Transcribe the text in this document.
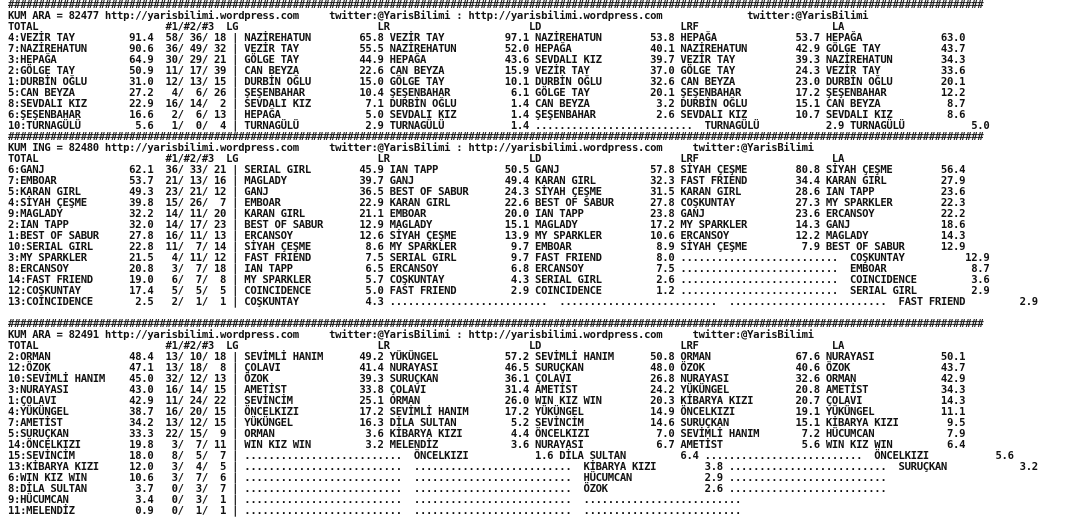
#################################################################################################################################################################
KUM ARA = 82477 http://yarisbilimi.wordpress.com     twitter:@YarisBilimi : http://yarisbilimi.wordpress.com              twitter:@YarisBilimi
TOTAL                     #1/#2/#3  LG                       LR                       LD                       LRF                      LA
4:VEZİR TAY         91.4  58/ 36/ 18 | NAZİREHATUN        65.8 VEZİR TAY          97.1 NAZİREHATUN        53.8 HEPAĞA             53.7 HEPAĞA             63.0
7:NAZİREHATUN       90.6  36/ 49/ 32 | VEZİR TAY          55.5 NAZİREHATUN        52.0 HEPAĞA             40.1 NAZİREHATUN        42.9 GÖLGE TAY          43.7
3:HEPAĞA            64.9  30/ 29/ 21 | GÖLGE TAY          44.9 HEPAĞA             43.6 SEVDALI KIZ        39.7 VEZİR TAY          39.3 NAZİREHATUN        34.3
2:GÖLGE TAY         50.9  11/ 17/ 39 | CAN BEYZA          22.6 CAN BEYZA          15.9 VEZİR TAY          37.0 GÖLGE TAY          24.3 VEZİR TAY          33.6
1:DURBİN OĞLU       31.0  12/ 13/ 15 | DURBİN OĞLU        15.0 GÖLGE TAY          10.1 DURBİN OĞLU        32.6 CAN BEYZA          23.0 DURBİN OĞLU        20.1
5:CAN BEYZA         27.2   4/  6/ 26 | ŞEŞENBAHAR         10.4 ŞEŞENBAHAR          6.1 GÖLGE TAY          20.1 ŞEŞENBAHAR         17.2 ŞEŞENBAHAR         12.2
8:SEVDALI KIZ       22.9  16/ 14/  2 | SEVDALI KIZ         7.1 DURBİN OĞLU         1.4 CAN BEYZA           3.2 DURBİN OĞLU        15.1 CAN BEYZA           8.7
6:ŞEŞENBAHAR        16.6   2/  6/ 13 | HEPAĞA              5.0 SEVDALI KIZ         1.4 ŞEŞENBAHAR          2.6 SEVDALI KIZ        10.7 SEVDALI KIZ         8.6
10:TURNAGÜLÜ         5.6   1/  0/  4 | TURNAGÜLÜ           2.9 TURNAGÜLÜ           1.4 ..........................  TURNAGÜLÜ           2.9 TURNAGÜLÜ           5.0
#################################################################################################################################################################
KUM ING = 82480 http://yarisbilimi.wordpress.com     twitter:@YarisBilimi : http://yarisbilimi.wordpress.com     twitter:@YarisBilimi
TOTAL                     #1/#2/#3  LG                       LR                       LD                       LRF                      LA
6:GANJ              62.1  36/ 33/ 21 | SERIAL GIRL        45.9 IAN TAPP           50.5 GANJ               57.8 SİYAH ÇEŞME        80.8 SİYAH ÇEŞME        56.4
7:EMBOAR            53.7  21/ 13/ 16 | MAGLADY            39.7 GANJ               49.4 KARAN GIRL         32.3 FAST FRIEND        34.4 KARAN GIRL         27.9
5:KARAN GIRL        49.3  23/ 21/ 12 | GANJ               36.5 BEST OF SABUR      24.3 SİYAH ÇEŞME        31.5 KARAN GIRL         28.6 IAN TAPP           23.6
4:SİYAH ÇEŞME       39.8  15/ 26/  7 | EMBOAR             22.9 KARAN GIRL         22.6 BEST OF SABUR      27.8 COŞKUNTAY          27.3 MY SPARKLER        22.3
9:MAGLADY           32.2  14/ 11/ 20 | KARAN GIRL         21.1 EMBOAR             20.0 IAN TAPP           23.8 GANJ               23.6 ERCANSOY           22.2
2:IAN TAPP          32.0  14/ 17/ 23 | BEST OF SABUR      12.9 MAGLADY            15.1 MAGLADY            17.2 MY SPARKLER        14.3 GANJ               18.6
1:BEST OF SABUR     27.8  16/ 11/ 13 | ERCANSOY           12.6 SİYAH ÇEŞME        13.9 MY SPARKLER        10.6 ERCANSOY           12.2 MAGLADY            14.3
10:SERIAL GIRL      22.8  11/  7/ 14 | SİYAH ÇEŞME         8.6 MY SPARKLER         9.7 EMBOAR              8.9 SİYAH ÇEŞME         7.9 BEST OF SABUR      12.9
3:MY SPARKLER       21.5   4/ 11/ 12 | FAST FRIEND         7.5 SERIAL GIRL         9.7 FAST FRIEND         8.0 ..........................  COŞKUNTAY          12.9
8:ERCANSOY          20.8   3/  7/ 18 | IAN TAPP            6.5 ERCANSOY            6.8 ERCANSOY            7.5 ..........................  EMBOAR              8.7
14:FAST FRIEND      19.0   6/  7/  8 | MY SPARKLER         5.7 COŞKUNTAY           4.3 SERIAL GIRL         2.6 ..........................  COINCIDENCE         3.6
12:COŞKUNTAY        17.4   5/  5/  5 | COINCIDENCE         5.0 FAST FRIEND         2.9 COINCIDENCE         1.2 ..........................  SERIAL GIRL         2.9
13:COINCIDENCE       2.5   2/  1/  1 | COŞKUNTAY           4.3 ..........................  ..........................  ..........................  FAST FRIEND         2.9
#################################################################################################################################################################
KUM ARA = 82491 http://yarisbilimi.wordpress.com     twitter:@YarisBilimi : http://yarisbilimi.wordpress.com     twitter:@YarisBilimi
TOTAL                     #1/#2/#3  LG                       LR                       LD                       LRF                      LA
2:ORMAN             48.4  13/ 10/ 18 | SEVİMLİ HANIM      49.2 YÜKÜNGEL           57.2 SEVİMLİ HANIM      50.8 ORMAN              67.6 NURAYASI           50.1
12:ÖZOK             47.1  13/ 18/  8 | ÇOLAVI             41.4 NURAYASI           46.5 SURUÇKAN           48.0 ÖZOK               40.6 ÖZOK               43.7
10:SEVİMLİ HANIM    45.0  32/ 12/ 13 | ÖZOK               39.3 SURUÇKAN           36.1 ÇOLAVI             26.8 NURAYASI           32.6 ORMAN              42.9
3:NURAYASI          43.0  16/ 14/ 15 | AMETİST            33.8 ÇOLAVI             31.4 AMETİST            24.2 YÜKÜNGEL           20.8 AMETİST            34.3
1:ÇOLAVI            42.9  11/ 24/ 22 | SEVİNCİM           25.1 ORMAN              26.0 WIN KIZ WIN        20.3 KİBARYA KIZI       20.7 ÇOLAVI             14.3
4:YÜKÜNGEL          38.7  16/ 20/ 15 | ÖNCELKIZI          17.2 SEVİMLİ HANIM      17.2 YÜKÜNGEL           14.9 ÖNCELKIZI          19.1 YÜKÜNGEL           11.1
7:AMETİST           34.2  13/ 12/ 15 | YÜKÜNGEL           16.3 DİLA SULTAN         5.2 SEVİNCİM           14.6 SURUÇKAN           15.1 KİBARYA KIZI        9.5
5:SURUÇKAN          33.3  22/ 15/  9 | ORMAN               3.6 KİBARYA KIZI        4.4 ÖNCELKIZI           7.0 SEVİMLİ HANIM       7.2 HÜCUMCAN            7.9
14:ÖNCELKIZI        19.8   3/  7/ 11 | WIN KIZ WIN         3.2 MELENDİZ            3.6 NURAYASI            6.7 AMETİST             5.6 WIN KIZ WIN         6.4
15:SEVİNCİM         18.0   8/  5/  7 | ..........................  ÖNCELKIZI           1.6 DİLA SULTAN         6.4 ..........................  ÖNCELKIZI           5.6
13:KİBARYA KIZI     12.0   3/  4/  5 | ..........................  ..........................  KİBARYA KIZI        3.8 ..........................  SURUÇKAN            3.2
6:WIN KIZ WIN       10.6   3/  7/  6 | ..........................  ..........................  HÜCUMCAN            2.9 ..........................
8:DİLA SULTAN        3.7   0/  3/  7 | ..........................  ..........................  ÖZOK                2.6 ..........................
9:HÜCUMCAN           3.4   0/  3/  1 | ..........................  ..........................  ..........................
11:MELENDİZ          0.9   0/  1/  1 | ..........................  ..........................  ..........................
